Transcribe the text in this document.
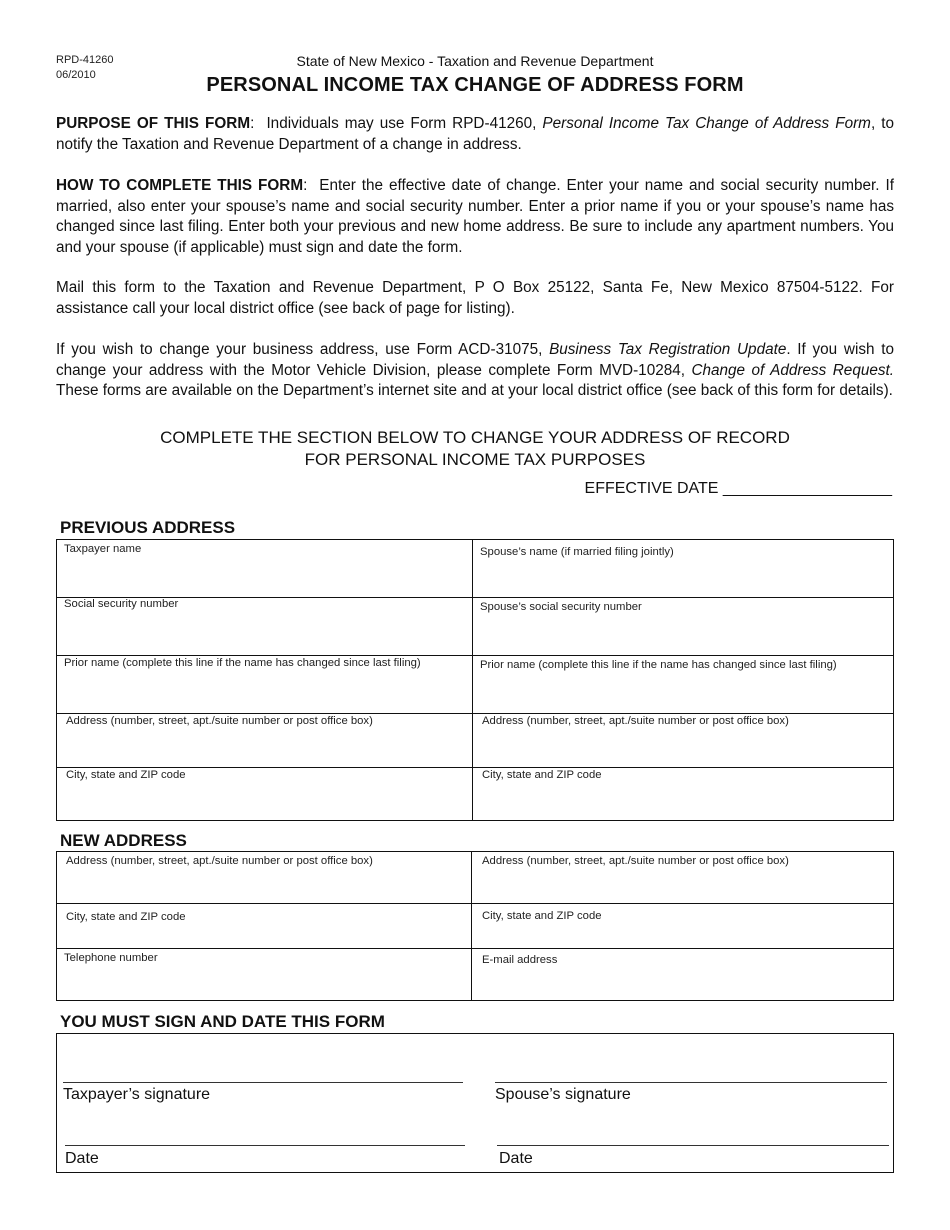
RPD-41260
06/2010
State of New Mexico - Taxation and Revenue Department
PERSONAL INCOME TAX CHANGE OF ADDRESS FORM
PURPOSE OF THIS FORM:  Individuals may use Form RPD-41260, Personal Income Tax Change of Address Form, to notify the Taxation and Revenue Department of a change in address.
HOW TO COMPLETE THIS FORM:  Enter the effective date of change. Enter your name and social security number. If married, also enter your spouse’s name and social security number. Enter a prior name if you or your spouse’s name has changed since last filing. Enter both your previous and new home address. Be sure to include any apartment numbers. You and your spouse (if applicable) must sign and date the form.
Mail this form to the Taxation and Revenue Department, P O Box 25122, Santa Fe, New Mexico 87504-5122. For assistance call your local district office (see back of page for listing).
If you wish to change your business address, use Form ACD-31075, Business Tax Registration Update. If you wish to change your address with the Motor Vehicle Division, please complete Form MVD-10284, Change of Address Request. These forms are available on the Department’s internet site and at your local district office (see back of this form for details).
COMPLETE THE SECTION BELOW TO CHANGE YOUR ADDRESS OF RECORD
FOR PERSONAL INCOME TAX PURPOSES
EFFECTIVE DATE ___________________
PREVIOUS ADDRESS
Taxpayer name	Spouse’s name (if married filing jointly)
Social security number	Spouse’s social security number
Prior name (complete this line if the name has changed since last filing)	Prior name (complete this line if the name has changed since last filing)
Address (number, street, apt./suite number or post office box)	Address (number, street, apt./suite number or post office box)
City, state and ZIP code	City, state and ZIP code
NEW ADDRESS
Address (number, street, apt./suite number or post office box)	Address (number, street, apt./suite number or post office box)
City, state and ZIP code	City, state and ZIP code
Telephone number	E-mail address
YOU MUST SIGN AND DATE THIS FORM
Taxpayer’s signature	Spouse’s signature
Date	Date
